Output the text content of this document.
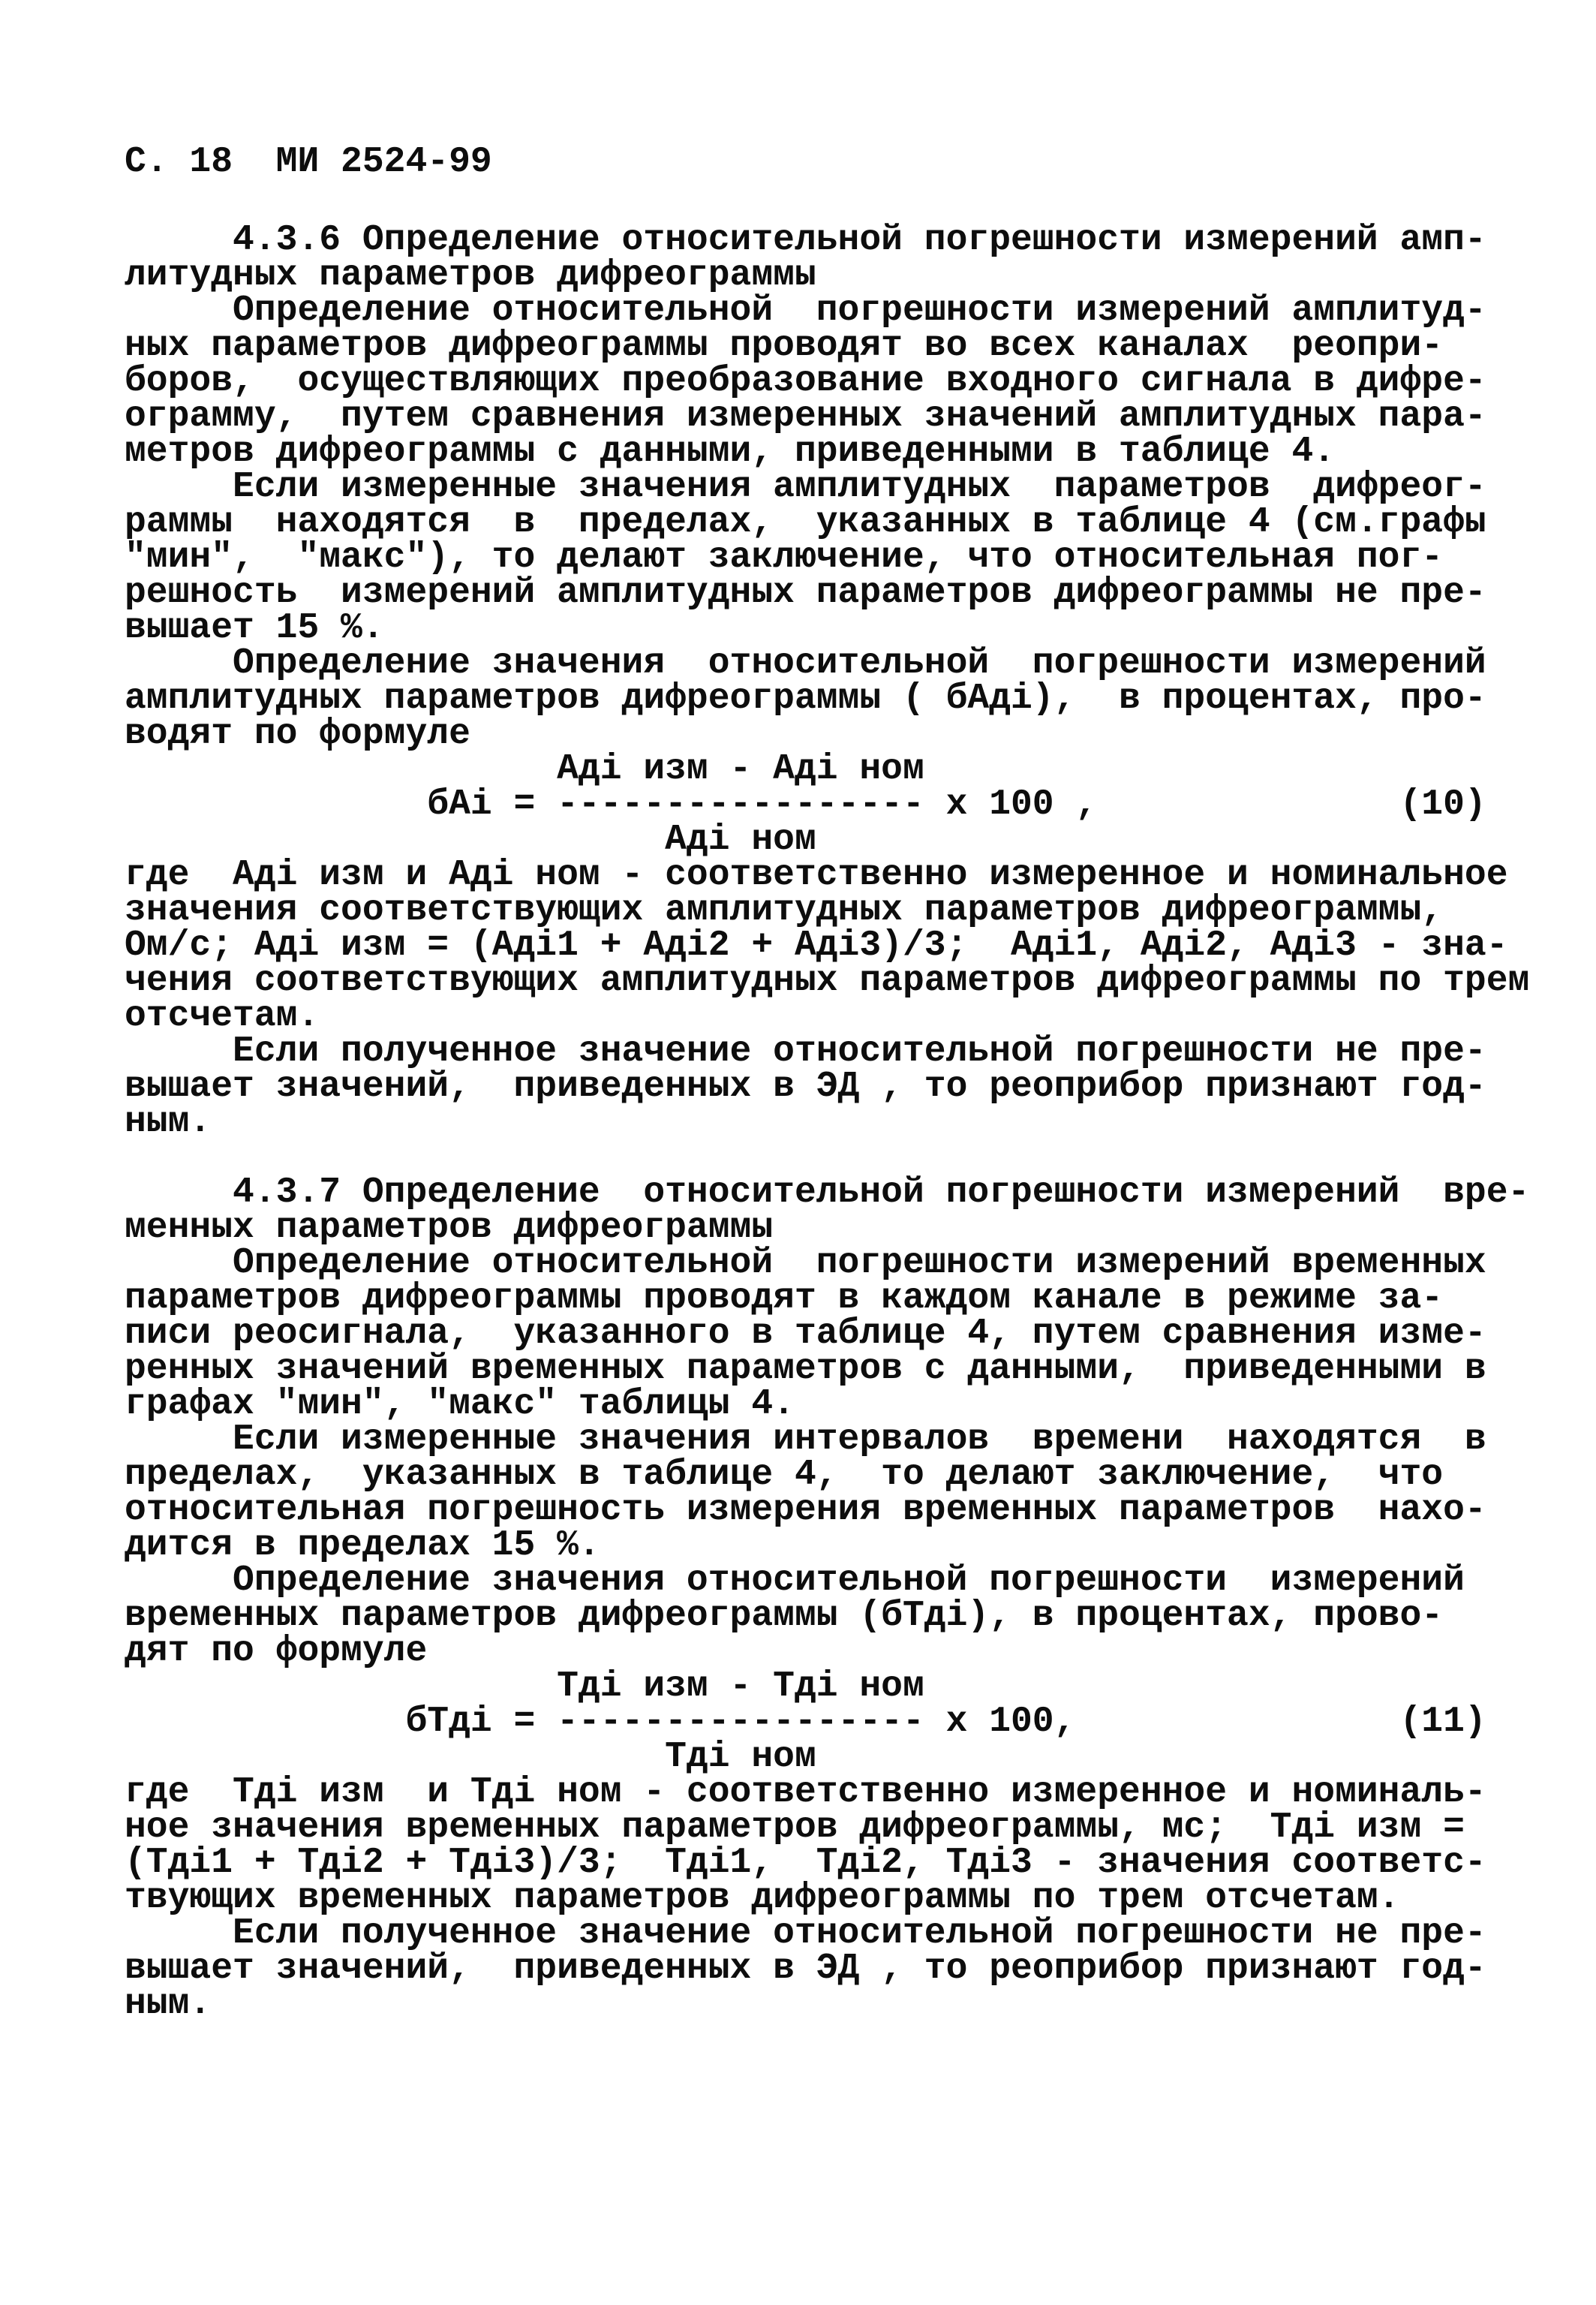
С. 18  МИ 2524-99
4.3.6 Определение относительной погрешности измерений амп-
литудных параметров дифреограммы
Определение относительной  погрешности измерений амплитуд-
ных параметров дифреограммы проводят во всех каналах  реопри-
боров,  осуществляющих преобразование входного сигнала в дифре-
ограмму,  путем сравнения измеренных значений амплитудных пара-
метров дифреограммы с данными, приведенными в таблице 4.
Если измеренные значения амплитудных  параметров  дифреог-
раммы  находятся  в  пределах,  указанных в таблице 4 (см.графы
"мин",  "макс"), то делают заключение, что относительная пог-
решность  измерений амплитудных параметров дифреограммы не пре-
вышает 15 %.
Определение значения  относительной  погрешности измерений
амплитудных параметров дифреограммы ( бАдi),  в процентах, про-
водят по формуле
Адi изм - Адi ном
бАi = ----------------- x 100 ,              (10)
Адi ном
где  Адi изм и Адi ном - соответственно измеренное и номинальное
значения соответствующих амплитудных параметров дифреограммы,
Ом/с; Адi изм = (Адi1 + Адi2 + Адi3)/3;  Адi1, Адi2, Адi3 - зна-
чения соответствующих амплитудных параметров дифреограммы по трем
отсчетам.
Если полученное значение относительной погрешности не пре-
вышает значений,  приведенных в ЭД , то реоприбор признают год-
ным.
4.3.7 Определение  относительной погрешности измерений  вре-
менных параметров дифреограммы
Определение относительной  погрешности измерений временных
параметров дифреограммы проводят в каждом канале в режиме за-
писи реосигнала,  указанного в таблице 4, путем сравнения изме-
ренных значений временных параметров с данными,  приведенными в
графах "мин", "макс" таблицы 4.
Если измеренные значения интервалов  времени  находятся  в
пределах,  указанных в таблице 4,  то делают заключение,  что
относительная погрешность измерения временных параметров  нахо-
дится в пределах 15 %.
Определение значения относительной погрешности  измерений
временных параметров дифреограммы (бТдi), в процентах, прово-
дят по формуле
Тдi изм - Тдi ном
бТдi = ----------------- x 100,               (11)
Тдi ном
где  Тдi изм  и Тдi ном - соответственно измеренное и номиналь-
ное значения временных параметров дифреограммы, мс;  Тдi изм =
(Тдi1 + Тдi2 + Тдi3)/3;  Тдi1,  Тдi2, Тдi3 - значения соответс-
твующих временных параметров дифреограммы по трем отсчетам.
Если полученное значение относительной погрешности не пре-
вышает значений,  приведенных в ЭД , то реоприбор признают год-
ным.
